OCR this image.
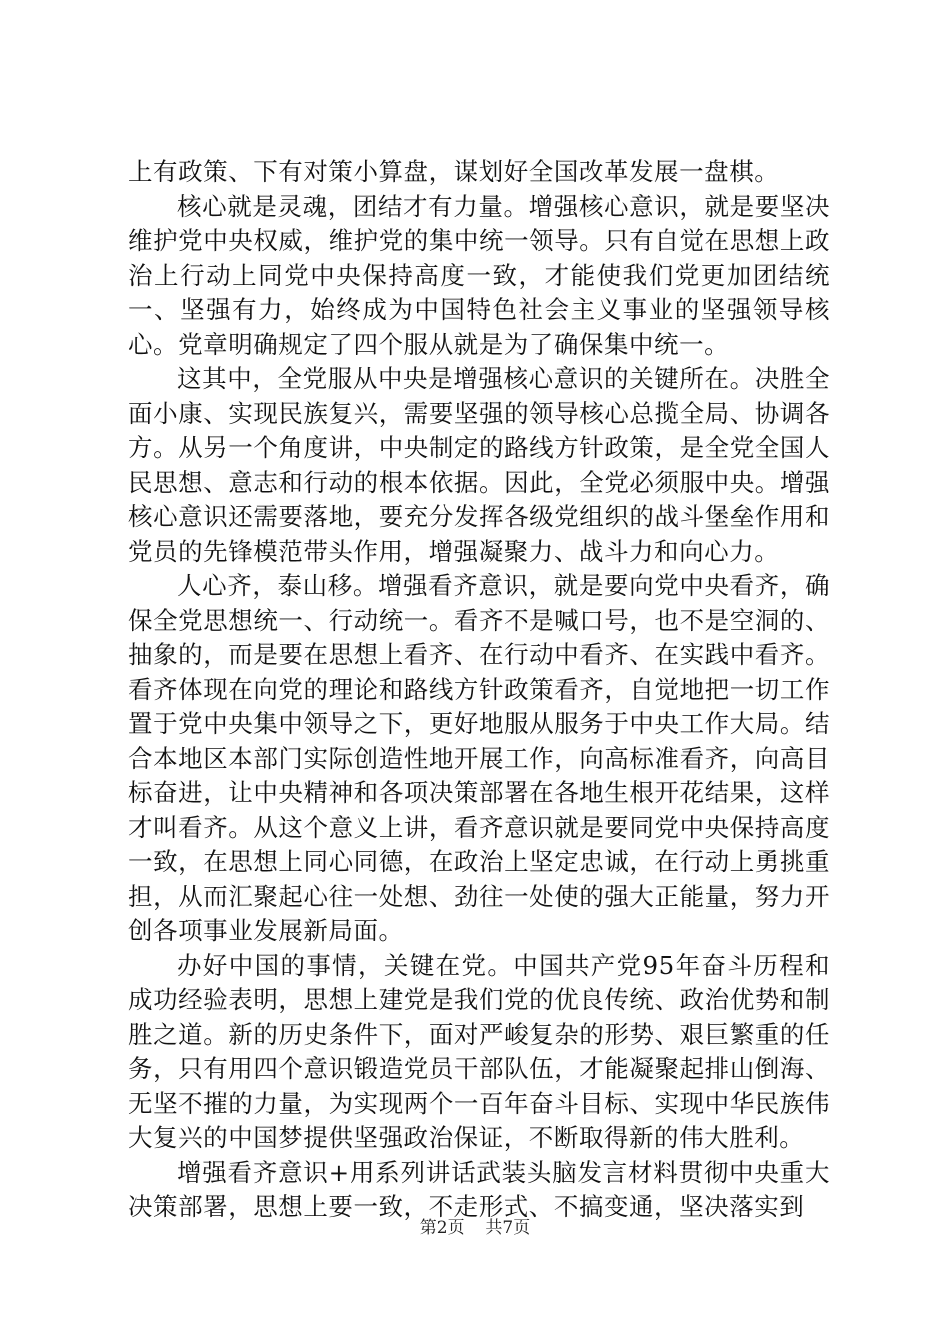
上有政策、下有对策小算盘，谋划好全国改革发展一盘棋。

核心就是灵魂，团结才有力量。增强核心意识，就是要坚决维护党中央权威，维护党的集中统一领导。只有自觉在思想上政治上行动上同党中央保持高度一致，才能使我们党更加团结统一、坚强有力，始终成为中国特色社会主义事业的坚强领导核心。党章明确规定了四个服从就是为了确保集中统一。

这其中，全党服从中央是增强核心意识的关键所在。决胜全面小康、实现民族复兴，需要坚强的领导核心总揽全局、协调各方。从另一个角度讲，中央制定的路线方针政策，是全党全国人民思想、意志和行动的根本依据。因此，全党必须服中央。增强核心意识还需要落地，要充分发挥各级党组织的战斗堡垒作用和党员的先锋模范带头作用，增强凝聚力、战斗力和向心力。

人心齐，泰山移。增强看齐意识，就是要向党中央看齐，确保全党思想统一、行动统一。看齐不是喊口号，也不是空洞的、抽象的，而是要在思想上看齐、在行动中看齐、在实践中看齐。看齐体现在向党的理论和路线方针政策看齐，自觉地把一切工作置于党中央集中领导之下，更好地服从服务于中央工作大局。结合本地区本部门实际创造性地开展工作，向高标准看齐，向高目标奋进，让中央精神和各项决策部署在各地生根开花结果，这样才叫看齐。从这个意义上讲，看齐意识就是要同党中央保持高度一致，在思想上同心同德，在政治上坚定忠诚，在行动上勇挑重担，从而汇聚起心往一处想、劲往一处使的强大正能量，努力开创各项事业发展新局面。

办好中国的事情，关键在党。中国共产党95年奋斗历程和成功经验表明，思想上建党是我们党的优良传统、政治优势和制胜之道。新的历史条件下，面对严峻复杂的形势、艰巨繁重的任务，只有用四个意识锻造党员干部队伍，才能凝聚起排山倒海、无坚不摧的力量，为实现两个一百年奋斗目标、实现中华民族伟大复兴的中国梦提供坚强政治保证，不断取得新的伟大胜利。

增强看齐意识+用系列讲话武装头脑发言材料贯彻中央重大决策部署，思想上要一致，不走形式、不搞变通，坚决落实到

第2页 共7页
